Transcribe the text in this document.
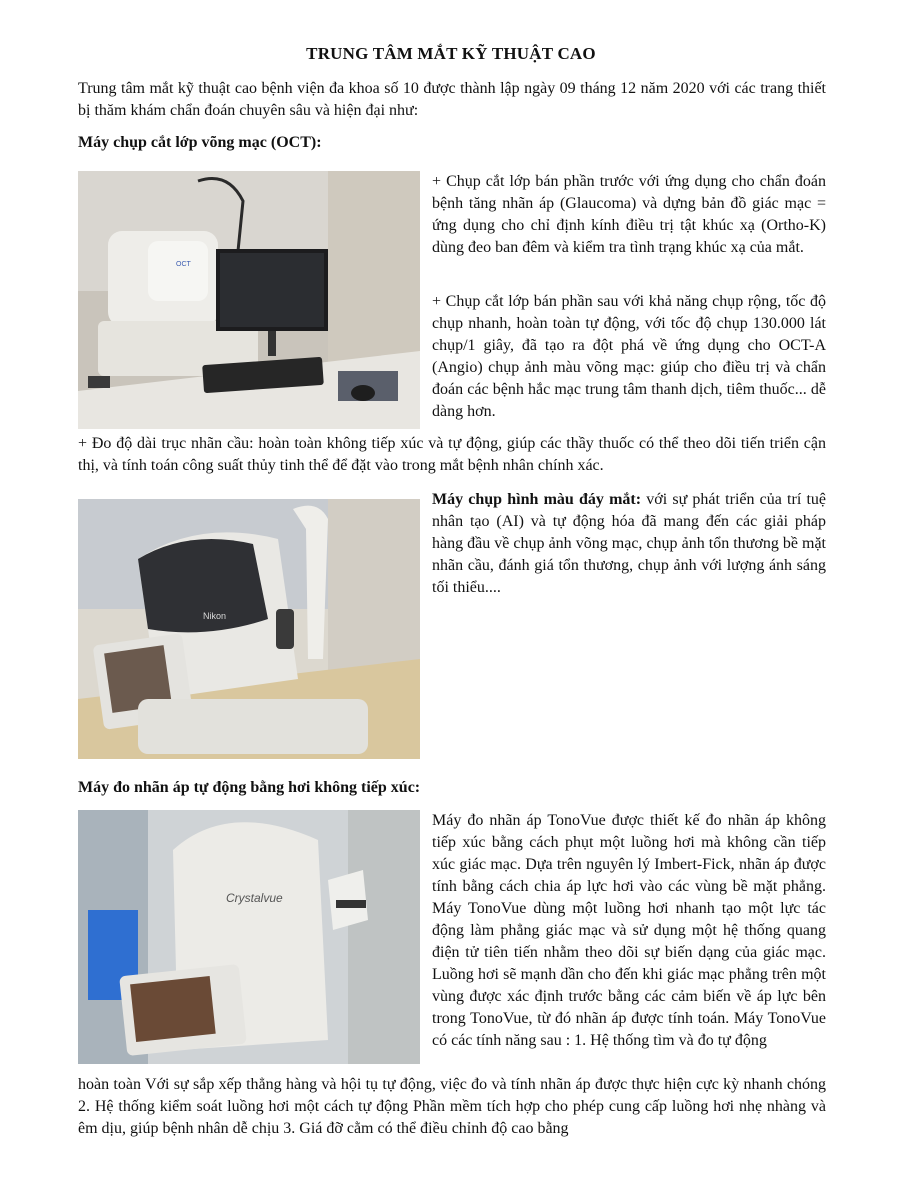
TRUNG TÂM MẮT KỸ THUẬT CAO

Trung tâm mắt kỹ thuật cao bệnh viện đa khoa số 10 được thành lập ngày 09 tháng 12 năm 2020 với các trang thiết bị thăm khám chẩn đoán chuyên sâu và hiện đại như:

Máy chụp cắt lớp võng mạc (OCT):

OCT

+ Chụp cắt lớp bán phần trước với ứng dụng cho chẩn đoán bệnh tăng nhãn áp (Glaucoma) và dựng bản đồ giác mạc = ứng dụng cho chỉ định kính điều trị tật khúc xạ (Ortho-K) dùng đeo ban đêm và kiểm tra tình trạng khúc xạ của mắt.

+ Chụp cắt lớp bán phần sau với khả năng chụp rộng, tốc độ chụp nhanh, hoàn toàn tự động, với tốc độ chụp 130.000 lát chụp/1 giây, đã tạo ra đột phá về ứng dụng cho OCT-A (Angio) chụp ảnh màu võng mạc: giúp cho điều trị và chẩn đoán các bệnh hắc mạc trung tâm thanh dịch, tiêm thuốc... dễ dàng hơn.

+ Đo độ dài trục nhãn cầu: hoàn toàn không tiếp xúc và tự động, giúp các thầy thuốc có thể theo dõi tiến triển cận thị, và tính toán công suất thủy tinh thể để đặt vào trong mắt bệnh nhân chính xác.

Nikon

Máy chụp hình màu đáy mắt: với sự phát triển của trí tuệ nhân tạo (AI) và tự động hóa đã mang đến các giải pháp hàng đầu về chụp ảnh võng mạc, chụp ảnh tổn thương bề mặt nhãn cầu, đánh giá tổn thương, chụp ảnh với lượng ánh sáng tối thiểu....

Máy đo nhãn áp tự động bằng hơi không tiếp xúc:

Crystalvue

Máy đo nhãn áp TonoVue được thiết kế đo nhãn áp không tiếp xúc bằng cách phụt một luồng hơi mà không cần tiếp xúc giác mạc. Dựa trên nguyên lý Imbert-Fick, nhãn áp được tính bằng cách chia áp lực hơi vào các vùng bề mặt phẳng. Máy TonoVue dùng một luồng hơi nhanh tạo một lực tác động làm phẳng giác mạc và sử dụng một hệ thống quang điện tử tiên tiến nhằm theo dõi sự biến dạng của giác mạc. Luồng hơi sẽ mạnh dần cho đến khi giác mạc phẳng trên một vùng được xác định trước bằng các cảm biến về áp lực bên trong TonoVue, từ đó nhãn áp được tính toán. Máy TonoVue có các tính năng sau : 1. Hệ thống tìm và đo tự động

hoàn toàn Với sự sắp xếp thẳng hàng và hội tụ tự động, việc đo và tính nhãn áp được thực hiện cực kỳ nhanh chóng 2. Hệ thống kiểm soát luồng hơi một cách tự động Phần mềm tích hợp cho phép cung cấp luồng hơi nhẹ nhàng và êm dịu, giúp bệnh nhân dễ chịu 3. Giá đỡ cằm có thể điều chỉnh độ cao bằng
